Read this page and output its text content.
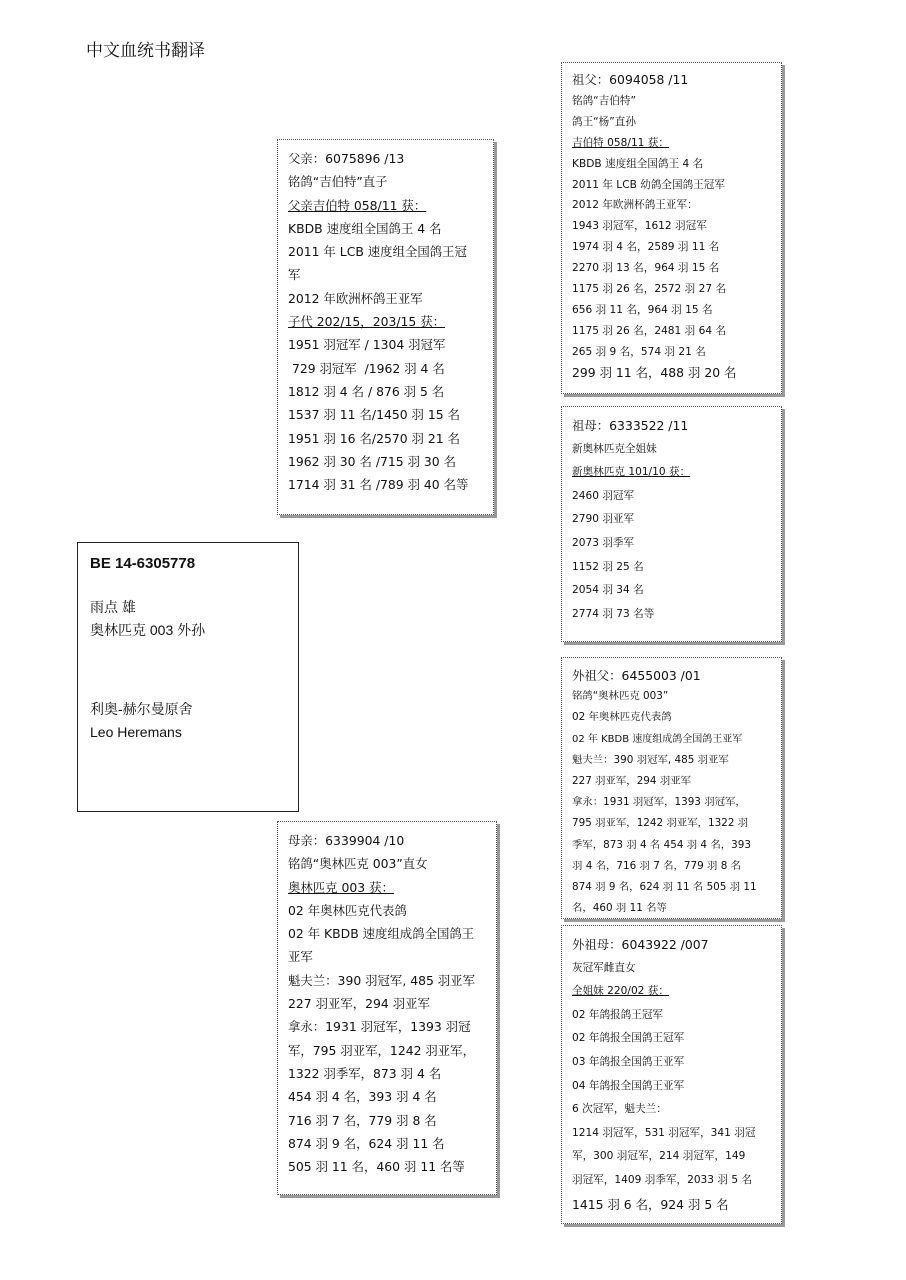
中文血统书翻译
BE 14-6305778
雨点 雄
奥林匹克 003 外孙
利奥-赫尔曼原舍
Leo Heremans
父亲：6075896 /13
铭鸽“吉伯特”直子
父亲吉伯特 058/11 获：
KBDB 速度组全国鸽王 4 名
2011 年 LCB 速度组全国鸽王冠
军
2012 年欧洲杯鸽王亚军
子代 202/15，203/15 获：
1951 羽冠军 / 1304 羽冠军
729 羽冠军  /1962 羽 4 名
1812 羽 4 名 / 876 羽 5 名
1537 羽 11 名/1450 羽 15 名
1951 羽 16 名/2570 羽 21 名
1962 羽 30 名 /715 羽 30 名
1714 羽 31 名 /789 羽 40 名等
母亲：6339904 /10
铭鸽“奥林匹克 003”直女
奥林匹克 003 获：
02 年奥林匹克代表鸽
02 年 KBDB 速度组成鸽全国鸽王
亚军
魁夫兰：390 羽冠军, 485 羽亚军
227 羽亚军，294 羽亚军
拿永：1931 羽冠军，1393 羽冠
军，795 羽亚军，1242 羽亚军，
1322 羽季军，873 羽 4 名
454 羽 4 名，393 羽 4 名
716 羽 7 名，779 羽 8 名
874 羽 9 名，624 羽 11 名
505 羽 11 名，460 羽 11 名等
祖父：6094058 /11
铭鸽“吉伯特”
鸽王“杨”直孙
吉伯特 058/11 获：
KBDB 速度组全国鸽王 4 名
2011 年 LCB 幼鸽全国鸽王冠军
2012 年欧洲杯鸽王亚军：
1943 羽冠军，1612 羽冠军
1974 羽 4 名，2589 羽 11 名
2270 羽 13 名，964 羽 15 名
1175 羽 26 名，2572 羽 27 名
656 羽 11 名，964 羽 15 名
1175 羽 26 名，2481 羽 64 名
265 羽 9 名，574 羽 21 名
299 羽 11 名，488 羽 20 名
祖母：6333522 /11
新奥林匹克全姐妹
新奥林匹克 101/10 获：
2460 羽冠军
2790 羽亚军
2073 羽季军
1152 羽 25 名
2054 羽 34 名
2774 羽 73 名等
外祖父：6455003 /01
铭鸽“奥林匹克 003”
02 年奥林匹克代表鸽
02 年 KBDB 速度组成鸽全国鸽王亚军
魁夫兰：390 羽冠军, 485 羽亚军
227 羽亚军，294 羽亚军
拿永：1931 羽冠军，1393 羽冠军，
795 羽亚军，1242 羽亚军，1322 羽
季军，873 羽 4 名 454 羽 4 名，393
羽 4 名，716 羽 7 名，779 羽 8 名
874 羽 9 名，624 羽 11 名 505 羽 11
名，460 羽 11 名等
外祖母：6043922 /007
灰冠军雌直女
全姐妹 220/02 获：
02 年鸽报鸽王冠军
02 年鸽报全国鸽王冠军
03 年鸽报全国鸽王亚军
04 年鸽报全国鸽王亚军
6 次冠军，魁夫兰：
1214 羽冠军，531 羽冠军，341 羽冠
军，300 羽冠军，214 羽冠军，149
羽冠军，1409 羽季军，2033 羽 5 名
1415 羽 6 名，924 羽 5 名
